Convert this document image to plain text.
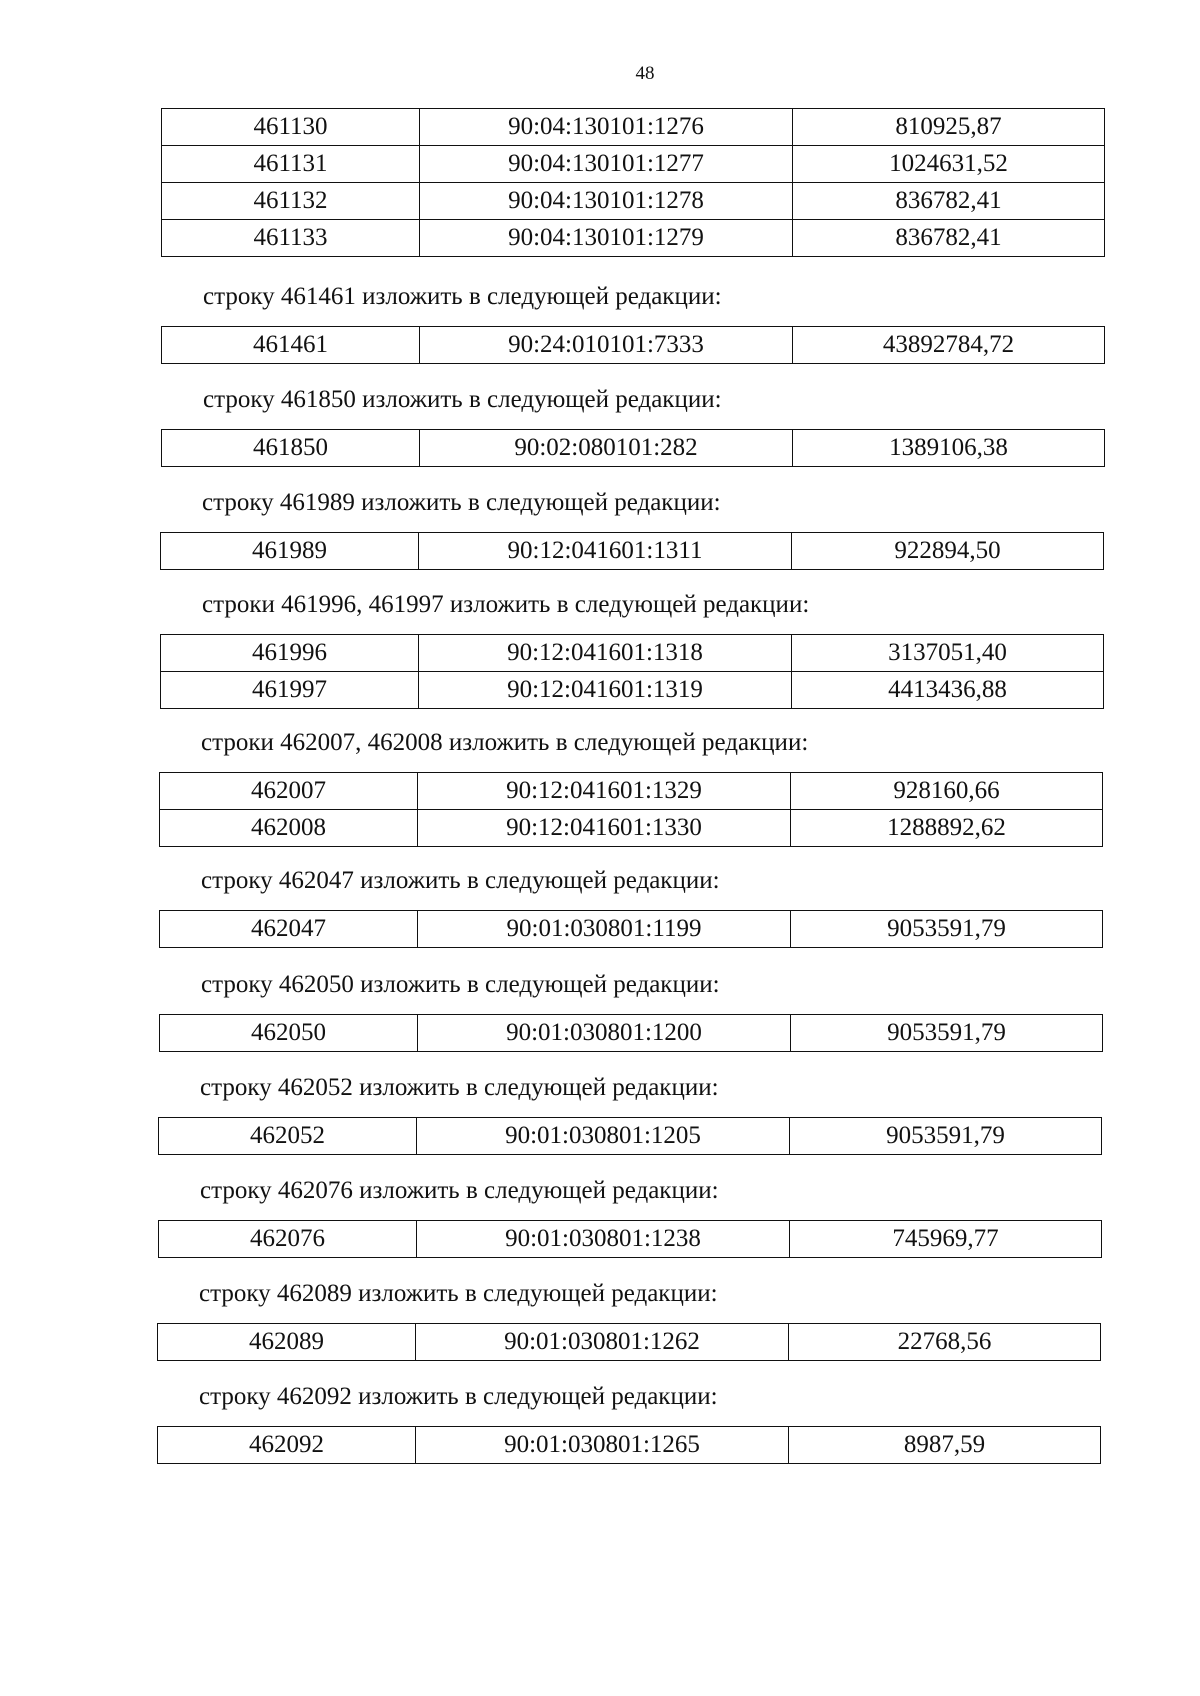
48
461130	90:04:130101:1276	810925,87
461131	90:04:130101:1277	1024631,52
461132	90:04:130101:1278	836782,41
461133	90:04:130101:1279	836782,41
строку 461461 изложить в следующей редакции:
461461	90:24:010101:7333	43892784,72
строку 461850 изложить в следующей редакции:
461850	90:02:080101:282	1389106,38
строку 461989 изложить в следующей редакции:
461989	90:12:041601:1311	922894,50
строки 461996, 461997 изложить в следующей редакции:
461996	90:12:041601:1318	3137051,40
461997	90:12:041601:1319	4413436,88
строки 462007, 462008 изложить в следующей редакции:
462007	90:12:041601:1329	928160,66
462008	90:12:041601:1330	1288892,62
строку 462047 изложить в следующей редакции:
462047	90:01:030801:1199	9053591,79
строку 462050 изложить в следующей редакции:
462050	90:01:030801:1200	9053591,79
строку 462052 изложить в следующей редакции:
462052	90:01:030801:1205	9053591,79
строку 462076 изложить в следующей редакции:
462076	90:01:030801:1238	745969,77
строку 462089 изложить в следующей редакции:
462089	90:01:030801:1262	22768,56
строку 462092 изложить в следующей редакции:
462092	90:01:030801:1265	8987,59
